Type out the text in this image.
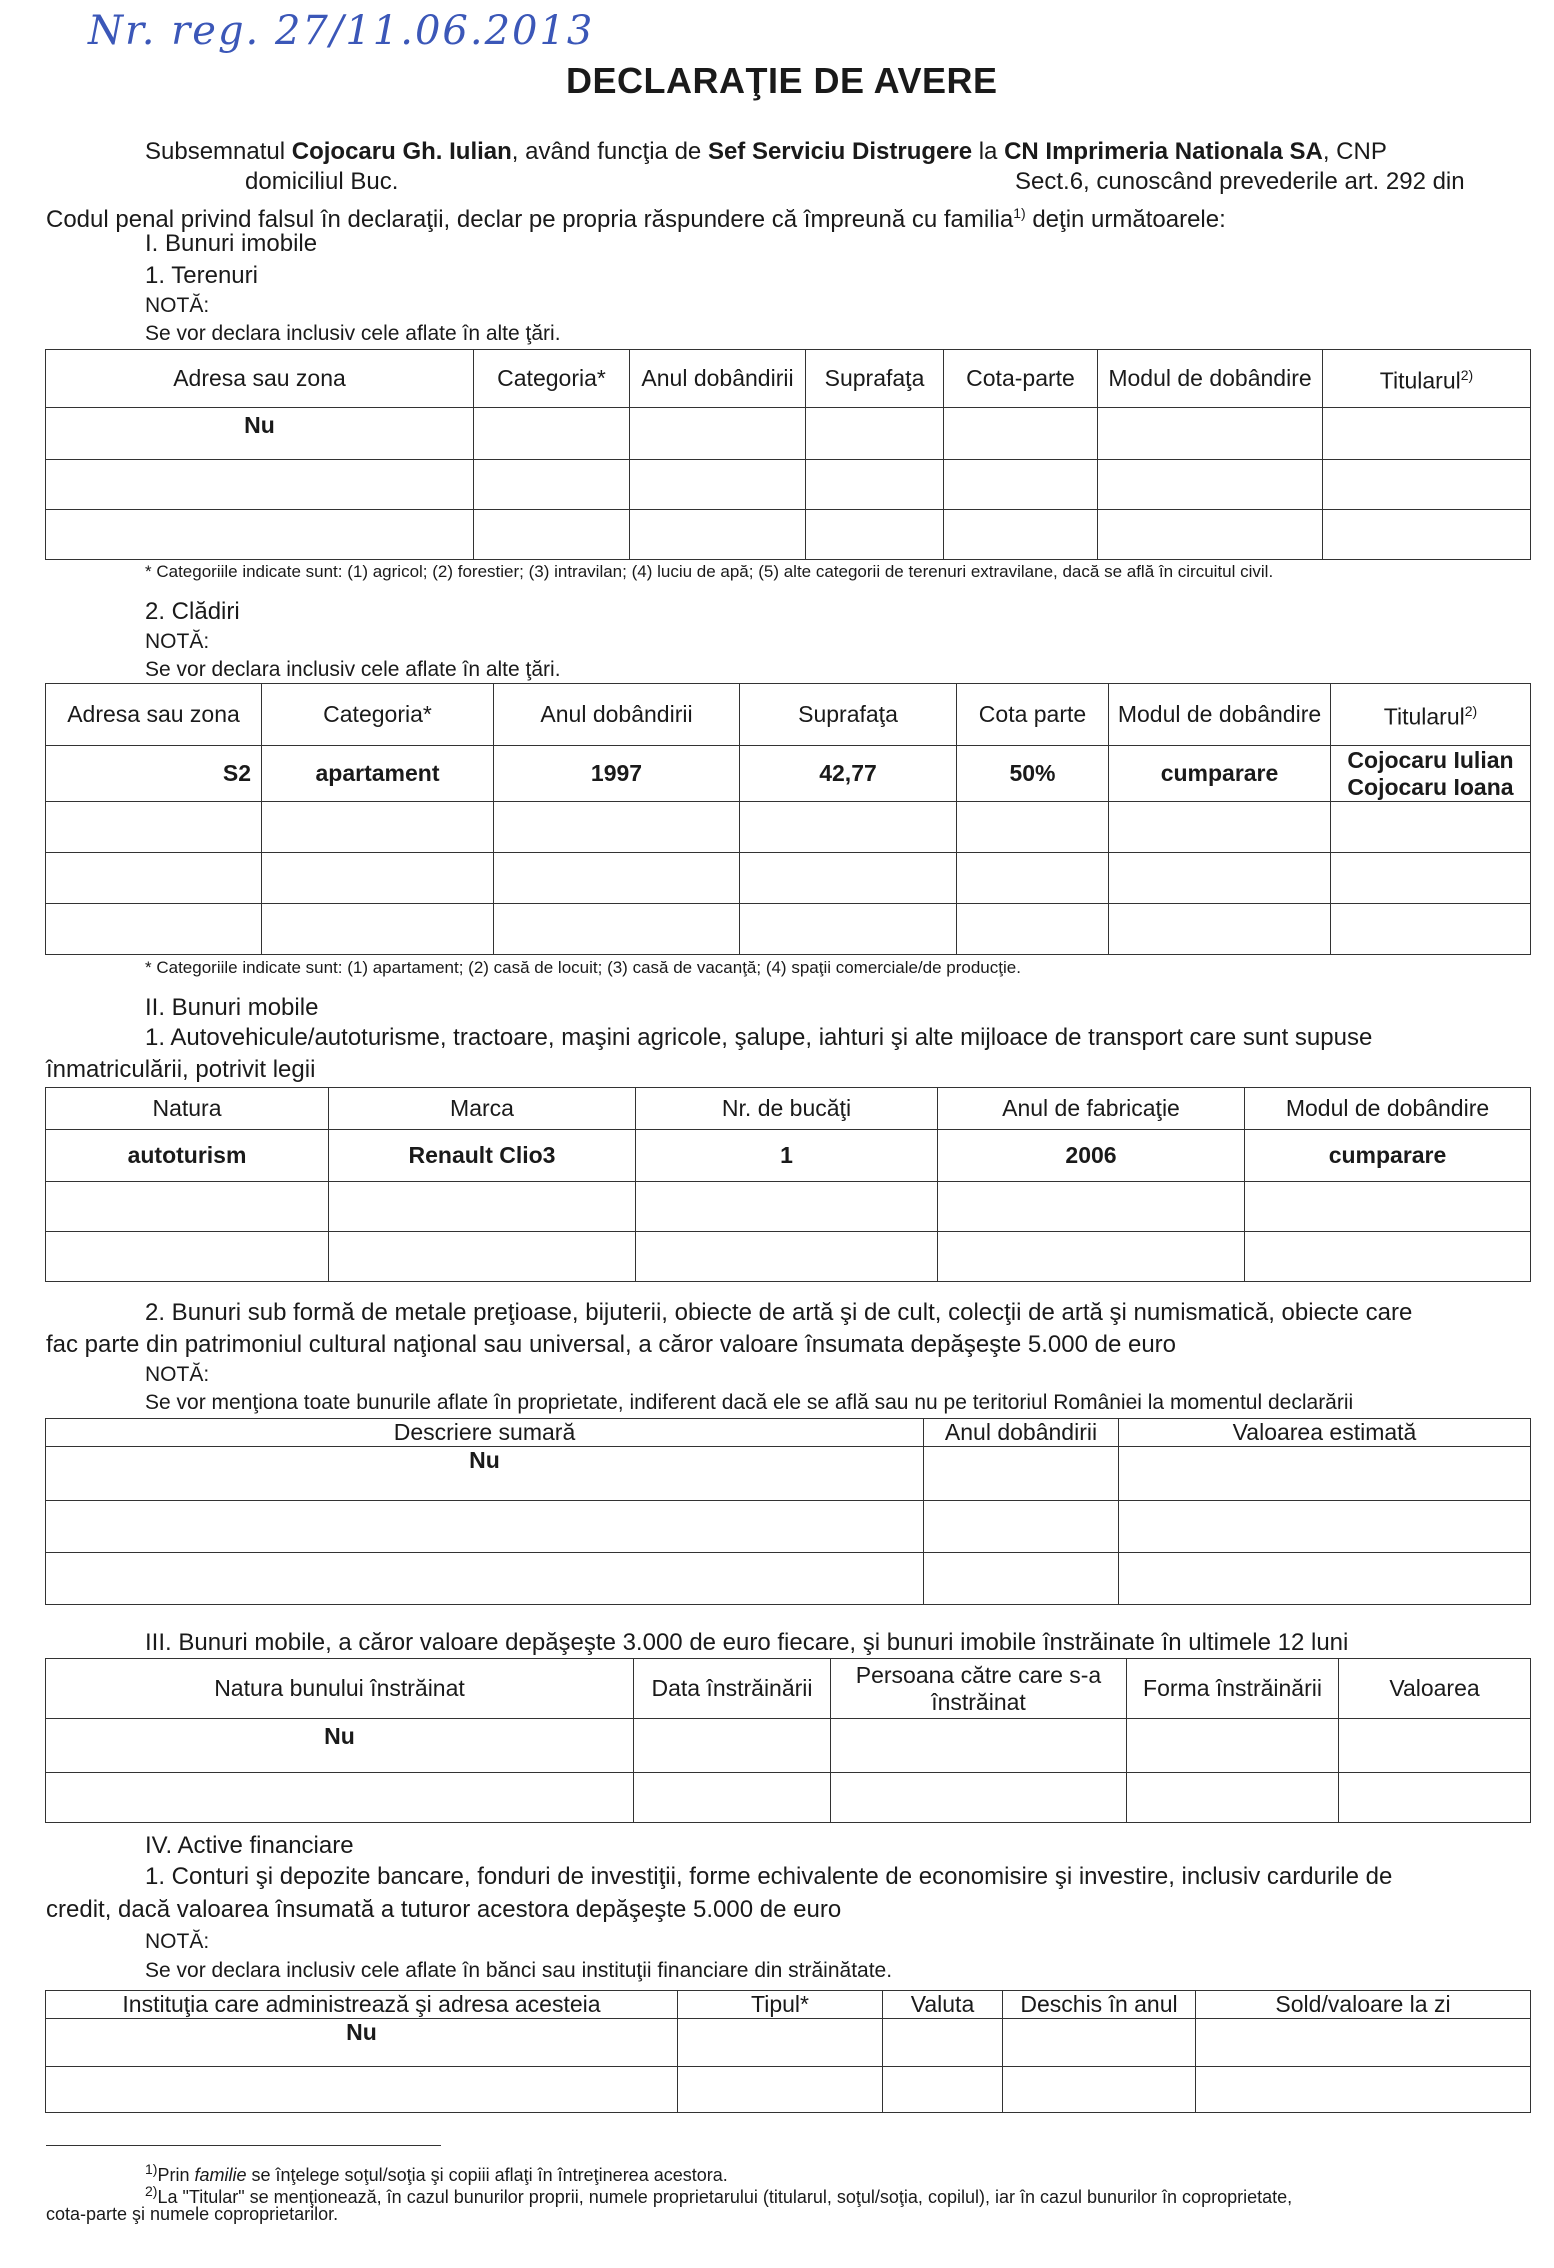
Nr. reg. 27/11.06.2013
DECLARAŢIE DE AVERE
Subsemnatul Cojocaru Gh. Iulian, având funcţia de Sef Serviciu Distrugere la CN Imprimeria Nationala SA, CNP
domiciliul Buc.	Sect.6, cunoscând prevederile art. 292 din
Codul penal privind falsul în declaraţii, declar pe propria răspundere că împreună cu familia$^{1)}$ deţin următoarele:
I. Bunuri imobile
1. Terenuri
NOTĂ:
Se vor declara inclusiv cele aflate în alte ţări.
Adresa sau zona	Categoria*	Anul dobândirii	Suprafaţa	Cota-parte	Modul de dobândire	Titularul$^{2)}$
Nu						

* Categoriile indicate sunt: (1) agricol; (2) forestier; (3) intravilan; (4) luciu de apă; (5) alte categorii de terenuri extravilane, dacă se află în circuitul civil.
2. Clădiri
NOTĂ:
Se vor declara inclusiv cele aflate în alte ţări.
Adresa sau zona	Categoria*	Anul dobândirii	Suprafaţa	Cota parte	Modul de dobândire	Titularul$^{2)}$
S2	apartament	1997	42,77	50%	cumparare	Cojocaru Iulian
Cojocaru Ioana

* Categoriile indicate sunt: (1) apartament; (2) casă de locuit; (3) casă de vacanţă; (4) spaţii comerciale/de producţie.
II. Bunuri mobile
1. Autovehicule/autoturisme, tractoare, maşini agricole, şalupe, iahturi şi alte mijloace de transport care sunt supuse
înmatriculării, potrivit legii
Natura	Marca	Nr. de bucăţi	Anul de fabricaţie	Modul de dobândire
autoturism	Renault Clio3	1	2006	cumparare

2. Bunuri sub formă de metale preţioase, bijuterii, obiecte de artă şi de cult, colecţii de artă şi numismatică, obiecte care
fac parte din patrimoniul cultural naţional sau universal, a căror valoare însumata depăşeşte 5.000 de euro
NOTĂ:
Se vor menţiona toate bunurile aflate în proprietate, indiferent dacă ele se află sau nu pe teritoriul României la momentul declarării
Descriere sumară	Anul dobândirii	Valoarea estimată
Nu		

III. Bunuri mobile, a căror valoare depăşeşte 3.000 de euro fiecare, şi bunuri imobile înstrăinate în ultimele 12 luni
Natura bunului înstrăinat	Data înstrăinării	Persoana către care s-a înstrăinat	Forma înstrăinării	Valoarea
Nu				

IV. Active financiare
1. Conturi şi depozite bancare, fonduri de investiţii, forme echivalente de economisire şi investire, inclusiv cardurile de
credit, dacă valoarea însumată a tuturor acestora depăşeşte 5.000 de euro
NOTĂ:
Se vor declara inclusiv cele aflate în bănci sau instituţii financiare din străinătate.
Instituţia care administrează şi adresa acesteia	Tipul*	Valuta	Deschis în anul	Sold/valoare la zi
Nu				

$^{1)}$Prin familie se înţelege soţul/soţia şi copiii aflaţi în întreţinerea acestora.
$^{2)}$La "Titular" se menţionează, în cazul bunurilor proprii, numele proprietarului (titularul, soţul/soţia, copilul), iar în cazul bunurilor în coproprietate,
cota-parte şi numele coproprietarilor.
